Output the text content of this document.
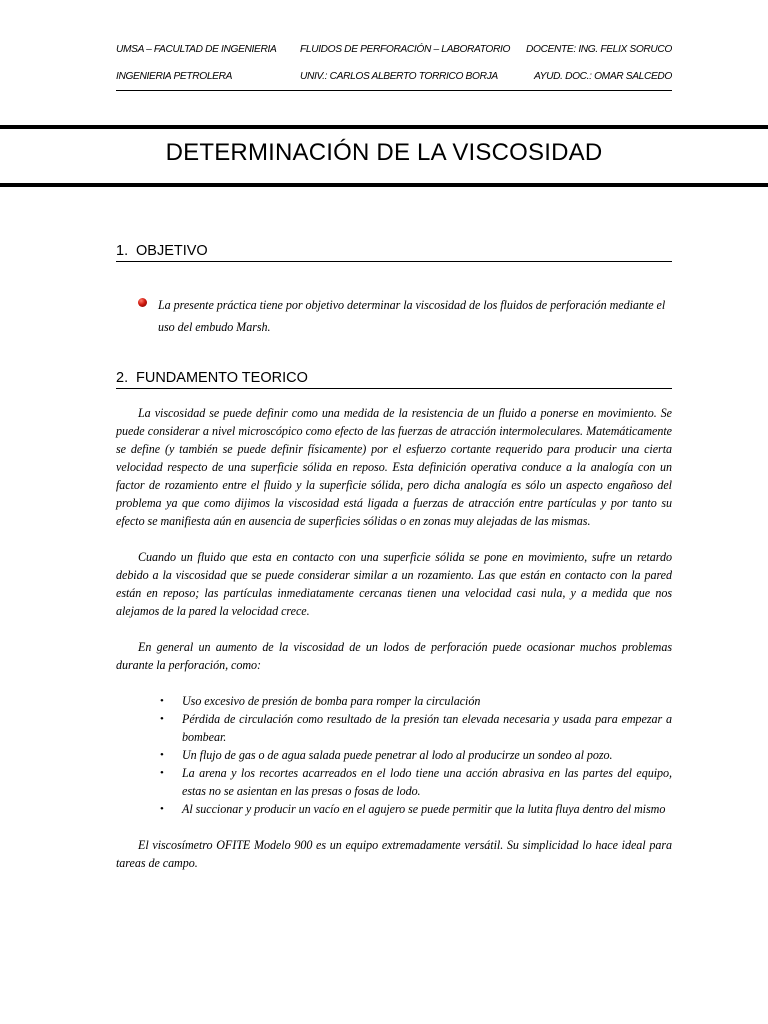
UMSA – FACULTAD DE INGENIERIA FLUIDOS DE PERFORACIÓN – LABORATORIO DOCENTE: ING. FELIX SORUCO
INGENIERIA PETROLERA	UNIV.: CARLOS ALBERTO TORRICO BORJA	AYUD. DOC.: OMAR SALCEDO
DETERMINACIÓN DE LA VISCOSIDAD
1. OBJETIVO
La presente práctica tiene por objetivo determinar la viscosidad de los fluidos de perforación mediante el uso del embudo Marsh.
2. FUNDAMENTO TEORICO

La viscosidad se puede definir como una medida de la resistencia de un fluido a ponerse en movimiento. Se puede considerar a nivel microscópico como efecto de las fuerzas de atracción intermoleculares. Matemáticamente se define (y también se puede definir físicamente) por el esfuerzo cortante requerido para producir una cierta velocidad respecto de una superficie sólida en reposo. Esta definición operativa conduce a la analogía con un factor de rozamiento entre el fluido y la superficie sólida, pero dicha analogía es sólo un aspecto engañoso del problema ya que como dijimos la viscosidad está ligada a fuerzas de atracción entre partículas y por tanto su efecto se manifiesta aún en ausencia de superficies sólidas o en zonas muy alejadas de las mismas.

Cuando un fluido que esta en contacto con una superficie sólida se pone en movimiento, sufre un retardo debido a la viscosidad que se puede considerar similar a un rozamiento. Las que están en contacto con la pared están en reposo; las partículas inmediatamente cercanas tienen una velocidad casi nula, y a medida que nos alejamos de la pared la velocidad crece.

En general un aumento de la viscosidad de un lodos de perforación puede ocasionar muchos problemas durante la perforación, como:

• Uso excesivo de presión de bomba para romper la circulación
• Pérdida de circulación como resultado de la presión tan elevada necesaria y usada para empezar a bombear.
• Un flujo de gas o de agua salada puede penetrar al lodo al producirze un sondeo al pozo.
• La arena y los recortes acarreados en el lodo tiene una acción abrasiva en las partes del equipo, estas no se asientan en las presas o fosas de lodo.
• Al succionar y producir un vacío en el agujero se puede permitir que la lutita fluya dentro del mismo

El viscosímetro OFITE Modelo 900 es un equipo extremadamente versátil. Su simplicidad lo hace ideal para tareas de campo.
